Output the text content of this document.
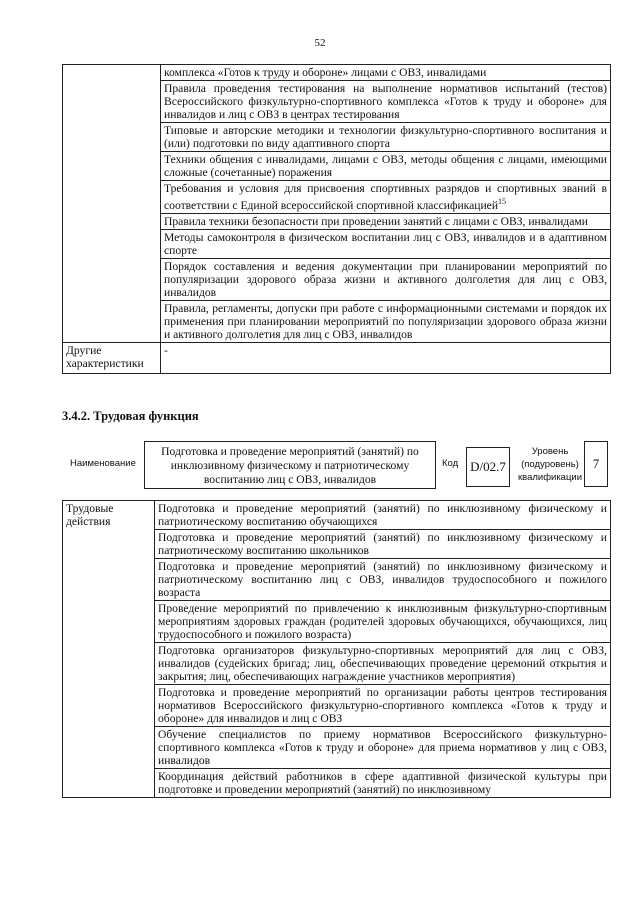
52
	комплекса «Готов к труду и обороне» лицами с ОВЗ, инвалидами
	Правила проведения тестирования на выполнение нормативов испытаний (тестов) Всероссийского физкультурно-спортивного комплекса «Готов к труду и обороне» для инвалидов и лиц с ОВЗ в центрах тестирования
	Типовые и авторские методики и технологии физкультурно-спортивного воспитания и (или) подготовки по виду адаптивного спорта
	Техники общения с инвалидами, лицами с ОВЗ, методы общения с лицами, имеющими сложные (сочетанные) поражения
	Требования и условия для присвоения спортивных разрядов и спортивных званий в соответствии с Единой всероссийской спортивной классификацией$^{15}$
	Правила техники безопасности при проведении занятий с лицами с ОВЗ, инвалидами
	Методы самоконтроля в физическом воспитании лиц с ОВЗ, инвалидов и в адаптивном спорте
	Порядок составления и ведения документации при планировании мероприятий по популяризации здорового образа жизни и активного долголетия для лиц с ОВЗ, инвалидов
	Правила, регламенты, допуски при работе с информационными системами и порядок их применения при планировании мероприятий по популяризации здорового образа жизни и активного долголетия для лиц с ОВЗ, инвалидов
Другие характеристики	-
3.4.2. Трудовая функция
Наименование
Подготовка и проведение мероприятий (занятий) по инклюзивному физическому и патриотическому воспитанию лиц с ОВЗ, инвалидов
Код D/02.7
Уровень (подуровень) квалификации
7
Трудовые действия	Подготовка и проведение мероприятий (занятий) по инклюзивному физическому и патриотическому воспитанию обучающихся
Подготовка и проведение мероприятий (занятий) по инклюзивному физическому и патриотическому воспитанию школьников
Подготовка и проведение мероприятий (занятий) по инклюзивному физическому и патриотическому воспитанию лиц с ОВЗ, инвалидов трудоспособного и пожилого возраста
Проведение мероприятий по привлечению к инклюзивным физкультурно-спортивным мероприятиям здоровых граждан (родителей здоровых обучающихся, обучающихся, лиц трудоспособного и пожилого возраста)
Подготовка организаторов физкультурно-спортивных мероприятий для лиц с ОВЗ, инвалидов (судейских бригад; лиц, обеспечивающих проведение церемоний открытия и закрытия; лиц, обеспечивающих награждение участников мероприятия)
Подготовка и проведение мероприятий по организации работы центров тестирования нормативов Всероссийского физкультурно-спортивного комплекса «Готов к труду и обороне» для инвалидов и лиц с ОВЗ
Обучение специалистов по приему нормативов Всероссийского физкультурно-спортивного комплекса «Готов к труду и обороне» для приема нормативов у лиц с ОВЗ, инвалидов
Координация действий работников в сфере адаптивной физической культуры при подготовке и проведении мероприятий (занятий) по инклюзивному
